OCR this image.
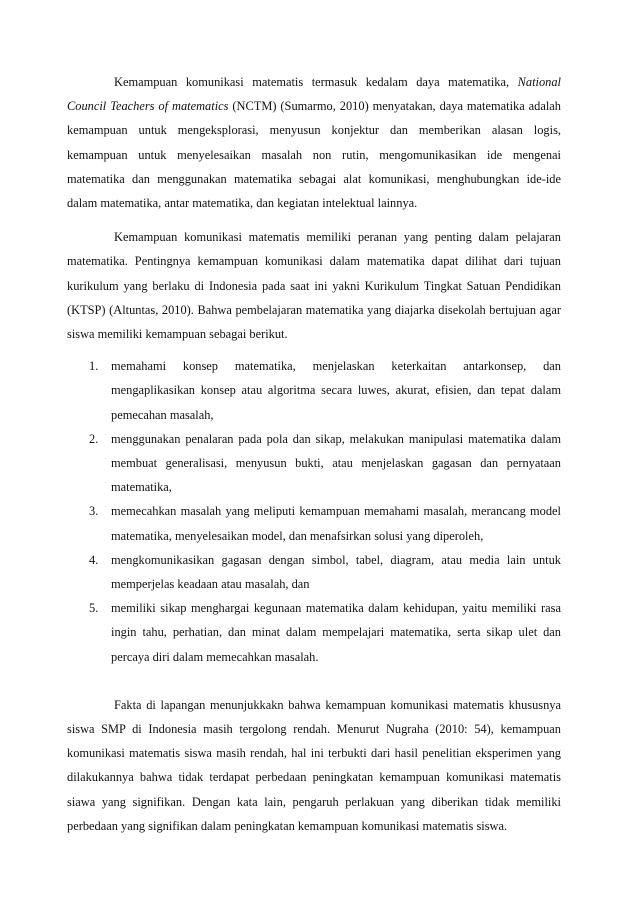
Kemampuan komunikasi matematis termasuk kedalam daya matematika, National Council Teachers of matematics (NCTM) (Sumarmo, 2010) menyatakan, daya matematika adalah kemampuan untuk mengeksplorasi, menyusun konjektur dan memberikan alasan logis, kemampuan untuk menyelesaikan masalah non rutin, mengomunikasikan ide mengenai matematika dan menggunakan matematika sebagai alat komunikasi, menghubungkan ide-ide dalam matematika, antar matematika, dan kegiatan intelektual lainnya.

Kemampuan komunikasi matematis memiliki peranan yang penting dalam pelajaran matematika. Pentingnya kemampuan komunikasi dalam matematika dapat dilihat dari tujuan kurikulum yang berlaku di Indonesia pada saat ini yakni Kurikulum Tingkat Satuan Pendidikan (KTSP) (Altuntas, 2010). Bahwa pembelajaran matematika yang diajarka disekolah bertujuan agar siswa memiliki kemampuan sebagai berikut.

1. memahami konsep matematika, menjelaskan keterkaitan antarkonsep, dan mengaplikasikan konsep atau algoritma secara luwes, akurat, efisien, dan tepat dalam pemecahan masalah,
2. menggunakan penalaran pada pola dan sikap, melakukan manipulasi matematika dalam membuat generalisasi, menyusun bukti, atau menjelaskan gagasan dan pernyataan matematika,
3. memecahkan masalah yang meliputi kemampuan memahami masalah, merancang model matematika, menyelesaikan model, dan menafsirkan solusi yang diperoleh,
4. mengkomunikasikan gagasan dengan simbol, tabel, diagram, atau media lain untuk memperjelas keadaan atau masalah, dan
5. memiliki sikap menghargai kegunaan matematika dalam kehidupan, yaitu memiliki rasa ingin tahu, perhatian, dan minat dalam mempelajari matematika, serta sikap ulet dan percaya diri dalam memecahkan masalah.

Fakta di lapangan menunjukkakn bahwa kemampuan komunikasi matematis khususnya siswa SMP di Indonesia masih tergolong rendah. Menurut Nugraha (2010: 54), kemampuan komunikasi matematis siswa masih rendah, hal ini terbukti dari hasil penelitian eksperimen yang dilakukannya bahwa tidak terdapat perbedaan peningkatan kemampuan komunikasi matematis siawa yang signifikan. Dengan kata lain, pengaruh perlakuan yang diberikan tidak memiliki perbedaan yang signifikan dalam peningkatan kemampuan komunikasi matematis siswa.
